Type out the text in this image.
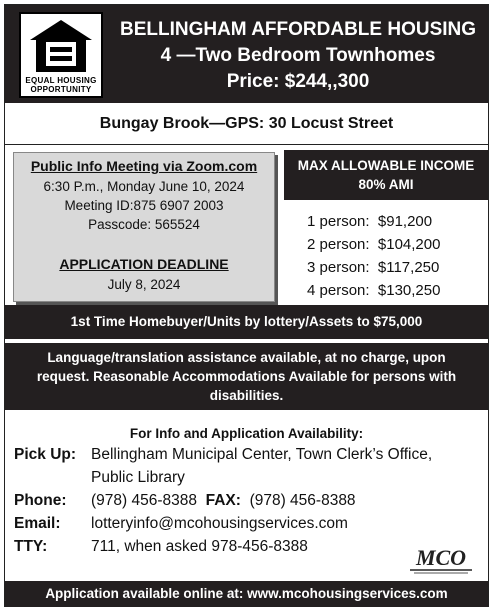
EQUAL HOUSING
OPPORTUNITY
BELLINGHAM AFFORDABLE HOUSING
4 —Two Bedroom Townhomes
Price: $244,,300
Bungay Brook—GPS: 30 Locust Street
Public Info Meeting via Zoom.com
6:30 P.m., Monday June 10, 2024
Meeting ID:875 6907 2003
Passcode: 565524
APPLICATION DEADLINE
July 8, 2024
MAX ALLOWABLE INCOME
80% AMI
1 person: $91,200
2 person: $104,200
3 person: $117,250
4 person: $130,250
1st Time Homebuyer/Units by lottery/Assets to $75,000
Language/translation assistance available, at no charge, upon
request. Reasonable Accommodations Available for persons with
disabilities.
For Info and Application Availability:
Pick Up: Bellingham Municipal Center, Town Clerk’s Office,
Public Library
Phone: (978) 456-8388 FAX: (978) 456-8388
Email: lotteryinfo@mcohousingservices.com
TTY:	711, when asked 978-456-8388	MCO
Application available online at: www.mcohousingservices.com
